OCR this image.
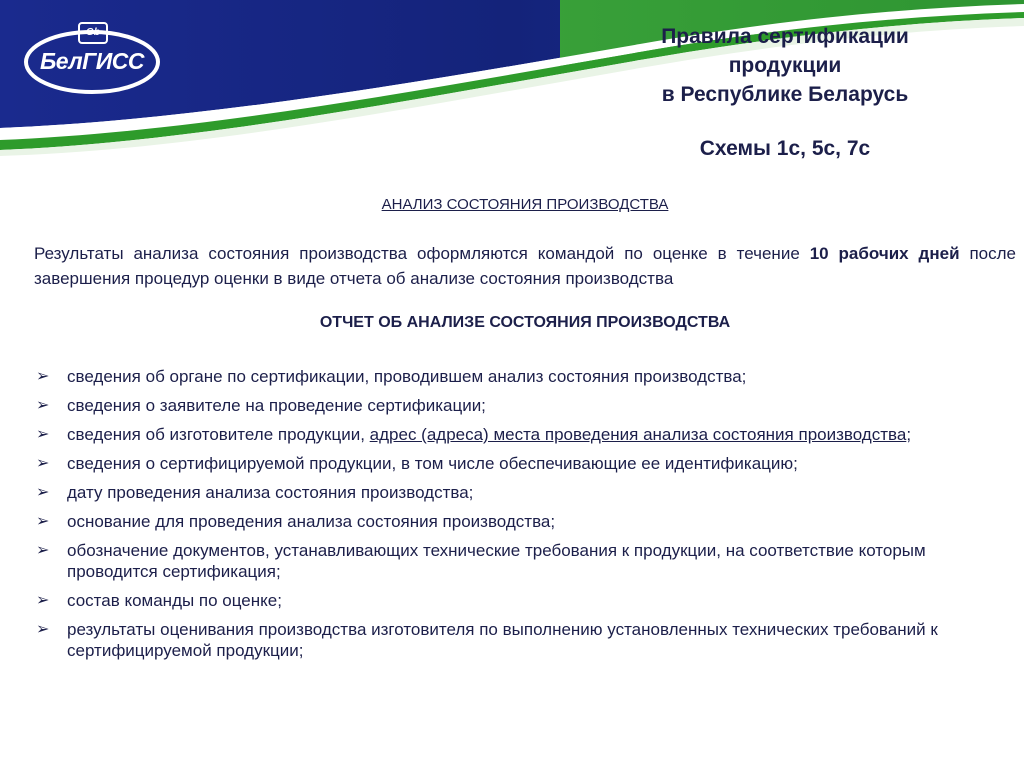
Gb
БелГИСС
Правила сертификации
продукции
в Республике Беларусь
Схемы 1с, 5с, 7с
АНАЛИЗ СОСТОЯНИЯ ПРОИЗВОДСТВА
Результаты анализа состояния производства оформляются командой по оценке в течение 10 рабочих дней после завершения процедур оценки в виде отчета об анализе состояния производства
ОТЧЕТ ОБ АНАЛИЗЕ СОСТОЯНИЯ ПРОИЗВОДСТВА
➢ сведения об органе по сертификации, проводившем анализ состояния производства;
➢ сведения о заявителе на проведение сертификации;
➢ сведения об изготовителе продукции, адрес (адреса) места проведения анализа состояния производства;
➢ сведения о сертифицируемой продукции, в том числе обеспечивающие ее идентификацию;
➢ дату проведения анализа состояния производства;
➢ основание для проведения анализа состояния производства;
➢ обозначение документов, устанавливающих технические требования к продукции, на соответствие которым проводится сертификация;
➢ состав команды по оценке;
➢ результаты оценивания производства изготовителя по выполнению установленных технических требований к сертифицируемой продукции;
